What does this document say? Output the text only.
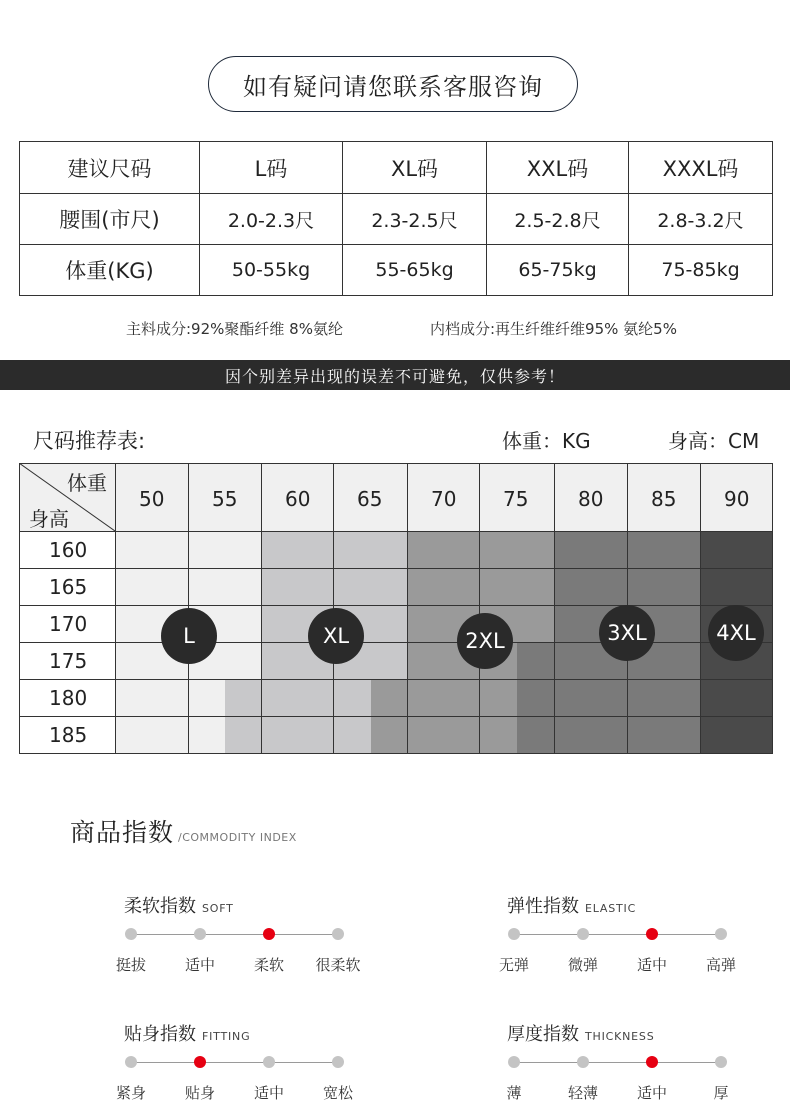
如有疑问请您联系客服咨询
建议尺码	L码	XL码	XXL码	XXXL码
腰围(市尺)	2.0-2.3尺	2.3-2.5尺	2.5-2.8尺	2.8-3.2尺
体重(KG)	50-55kg	55-65kg	65-75kg	75-85kg
主料成分:92%聚酯纤维 8%氨纶	内档成分:再生纤维纤维95% 氨纶5%
因个别差异出现的误差不可避免，仅供参考！
尺码推荐表:	体重：KG	身高：CM
体重
身高
50 55 60 65 70 75 80 85 90
160
165
170
175
180
185
L	XL	2XL	3XL	4XL
商品指数 /COMMODITY INDEX
柔软指数 SOFT
挺拔	适中	柔软	很柔软
弹性指数 ELASTIC
无弹	微弹	适中	高弹
贴身指数 FITTING
紧身	贴身	适中	宽松
厚度指数 THICKNESS
薄	轻薄	适中	厚
